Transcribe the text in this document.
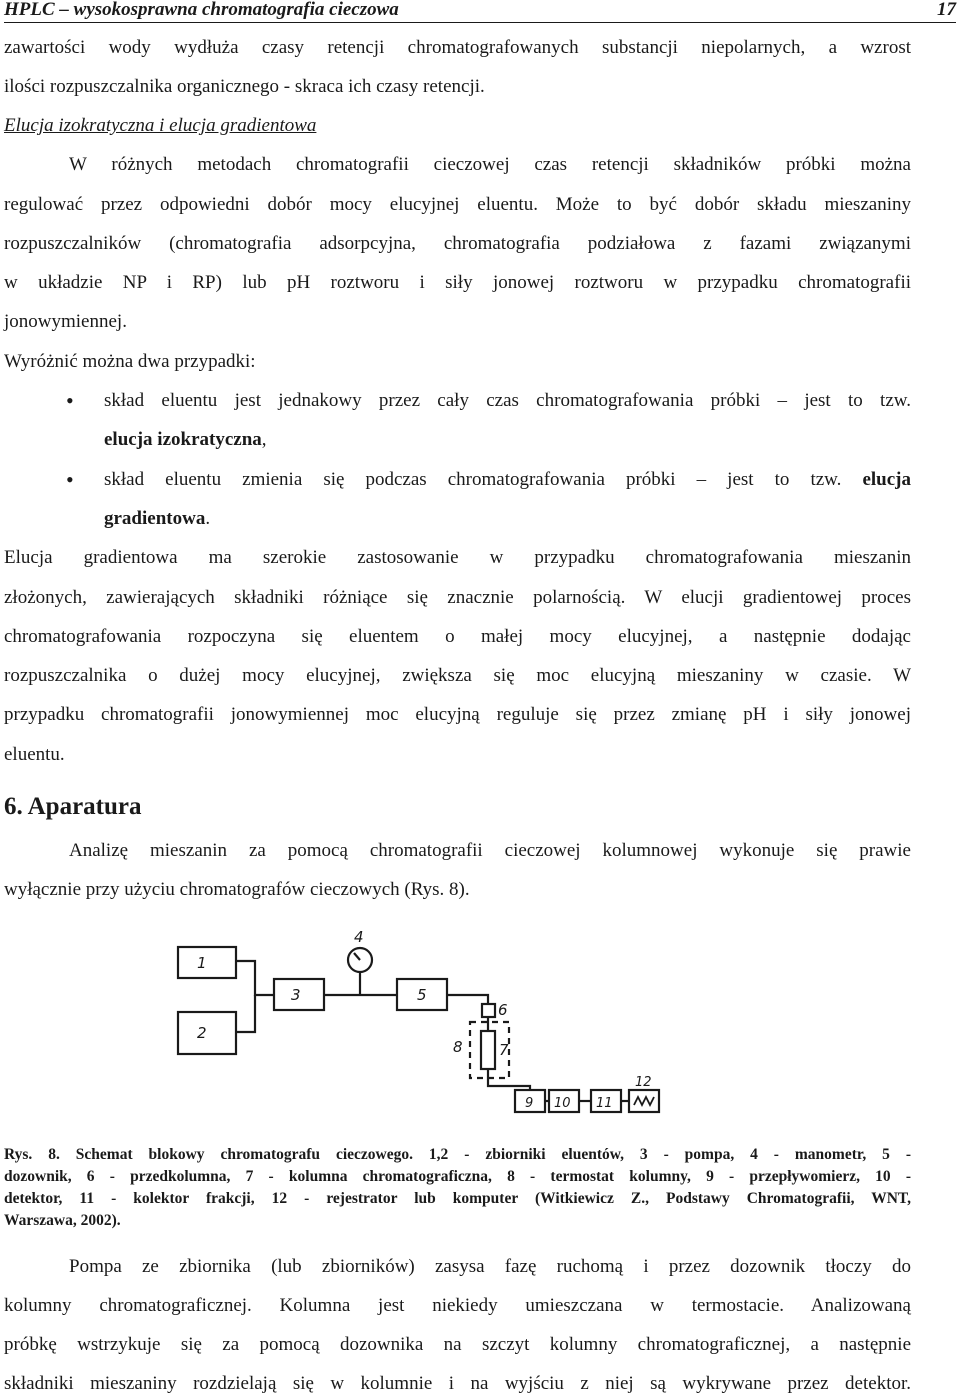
HPLC – wysokosprawna chromatografia cieczowa	17
zawartości wody wydłuża czasy retencji chromatografowanych substancji niepolarnych, a wzrost
ilości rozpuszczalnika organicznego - skraca ich czasy retencji.
Elucja izokratyczna i elucja gradientowa
W różnych metodach chromatografii cieczowej czas retencji składników próbki można
regulować przez odpowiedni dobór mocy elucyjnej eluentu. Może to być dobór składu mieszaniny
rozpuszczalników (chromatografia adsorpcyjna, chromatografia podziałowa z fazami związanymi
w układzie NP i RP) lub pH roztworu i siły jonowej roztworu w przypadku chromatografii
jonowymiennej.
Wyróżnić można dwa przypadki:
• skład eluentu jest jednakowy przez cały czas chromatografowania próbki – jest to tzw.
elucja izokratyczna,
• skład eluentu zmienia się podczas chromatografowania próbki – jest to tzw. elucja
gradientowa.
Elucja gradientowa ma szerokie zastosowanie w przypadku chromatografowania mieszanin
złożonych, zawierających składniki różniące się znacznie polarnością. W elucji gradientowej proces
chromatografowania rozpoczyna się eluentem o małej mocy elucyjnej, a następnie dodając
rozpuszczalnika o dużej mocy elucyjnej, zwiększa się moc elucyjną mieszaniny w czasie. W
przypadku chromatografii jonowymiennej moc elucyjną reguluje się przez zmianę pH i siły jonowej
eluentu.
6. Aparatura
Analizę mieszanin za pomocą chromatografii cieczowej kolumnowej wykonuje się prawie
wyłącznie przy użyciu chromatografów cieczowych (Rys. 8).
1
2
3
4
5
6
7
8
9 10 11
12
Rys. 8. Schemat blokowy chromatografu cieczowego. 1,2 - zbiorniki eluentów, 3 - pompa, 4 - manometr, 5 -
dozownik, 6 - przedkolumna, 7 - kolumna chromatograficzna, 8 - termostat kolumny, 9 - przepływomierz, 10 -
detektor, 11 - kolektor frakcji, 12 - rejestrator lub komputer (Witkiewicz Z., Podstawy Chromatografii, WNT,
Warszawa, 2002).
Pompa ze zbiornika (lub zbiorników) zasysa fazę ruchomą i przez dozownik tłoczy do
kolumny chromatograficznej. Kolumna jest niekiedy umieszczana w termostacie. Analizowaną
próbkę wstrzykuje się za pomocą dozownika na szczyt kolumny chromatograficznej, a następnie
składniki mieszaniny rozdzielają się w kolumnie i na wyjściu z niej są wykrywane przez detektor.
